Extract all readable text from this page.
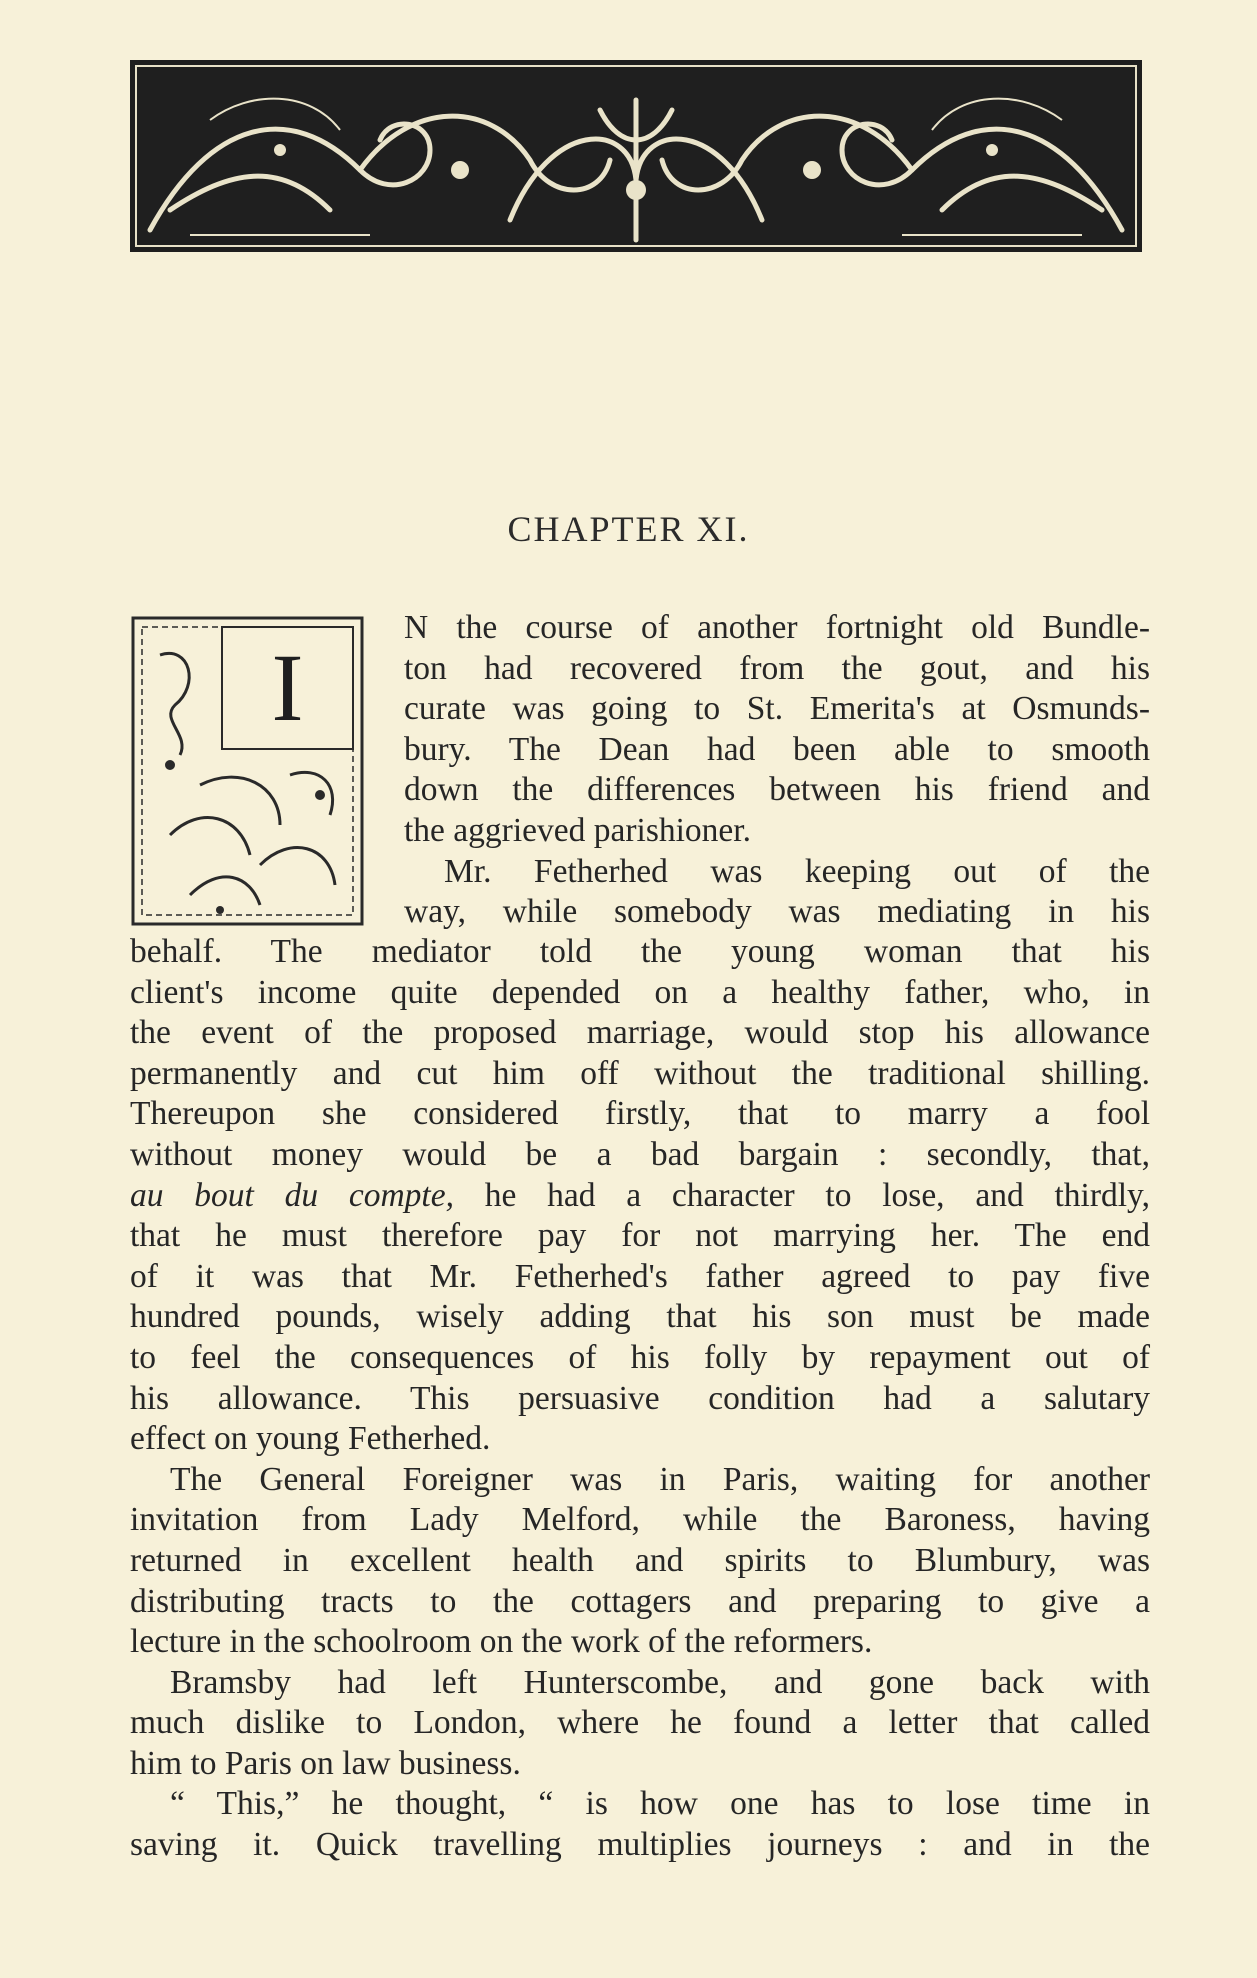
CHAPTER XI.
I
N the course of another fortnight old Bundle-
ton had recovered from the gout, and his
curate was going to St. Emerita's at Osmunds-
bury. The Dean had been able to smooth
down the differences between his friend and
the aggrieved parishioner.
Mr. Fetherhed was keeping out of the
way, while somebody was mediating in his
behalf. The mediator told the young woman that his
client's income quite depended on a healthy father, who, in
the event of the proposed marriage, would stop his allowance
permanently and cut him off without the traditional shilling.
Thereupon she considered firstly, that to marry a fool
without money would be a bad bargain : secondly, that,
au bout du compte, he had a character to lose, and thirdly,
that he must therefore pay for not marrying her. The end
of it was that Mr. Fetherhed's father agreed to pay five
hundred pounds, wisely adding that his son must be made
to feel the consequences of his folly by repayment out of
his allowance. This persuasive condition had a salutary
effect on young Fetherhed.
The General Foreigner was in Paris, waiting for another
invitation from Lady Melford, while the Baroness, having
returned in excellent health and spirits to Blumbury, was
distributing tracts to the cottagers and preparing to give a
lecture in the schoolroom on the work of the reformers.
Bramsby had left Hunterscombe, and gone back with
much dislike to London, where he found a letter that called
him to Paris on law business.
“ This,” he thought, “ is how one has to lose time in
saving it. Quick travelling multiplies journeys : and in the
